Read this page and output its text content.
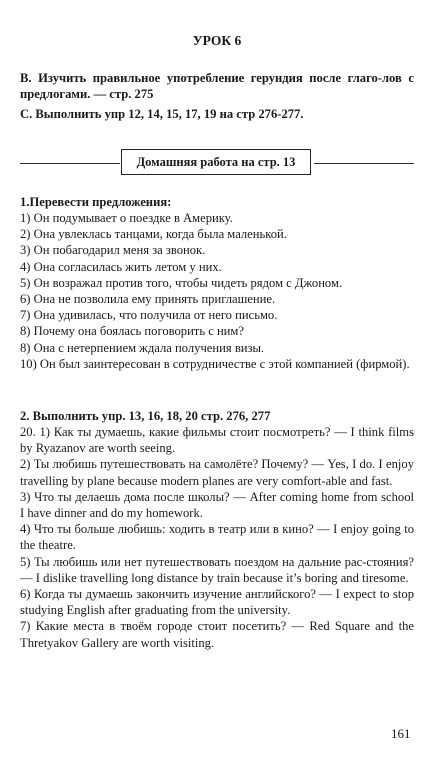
УРОК 6
B. Изучить правильное употребление герундия после глаго-лов с предлогами. — стр. 275
C. Выполнить упр 12, 14, 15, 17, 19 на стр 276-277.
Домашняя работа на стр. 13
1.Перевести предложения:
1) Он подумывает о поездке в Америку.
2) Она увлеклась танцами, когда была маленькой.
3) Он побагодарил меня за звонок.
4) Она согласилась жить летом у них.
5) Он возражал против того, чтобы чидеть рядом с Джоном.
6) Она не позволила ему принять приглашение.
7) Она удивилась, что получила от него письмо.
8) Почему она боялась поговорить с ним?
8) Она с нетерпением ждала получения визы.
10) Он был заинтересован в сотрудничестве с этой компанией (фирмой).
2. Выполнить упр. 13, 16, 18, 20 стр. 276, 277
20. 1) Как ты думаешь, какие фильмы стоит посмотреть? — I think films by Ryazanov are worth seeing.
2) Ты любишь путешествовать на самолёте? Почему? — Yes, I do. I enjoy travelling by plane because modern planes are very comfort-able and fast.
3) Что ты делаешь дома после школы? — After coming home from school I have dinner and do my homework.
4) Что ты больше любишь: ходить в театр или в кино? — I enjoy going to the theatre.
5) Ты любишь или нет путешествовать поездом на дальние рас-стояния? — I dislike travelling long distance by train because it’s boring and tiresome.
6) Когда ты думаешь закончить изучение английского? — I expect to stop studying English after graduating from the university.
7) Какие места в твоём городе стоит посетить? — Red Square and the Thretyakov Gallery are worth visiting.
161
